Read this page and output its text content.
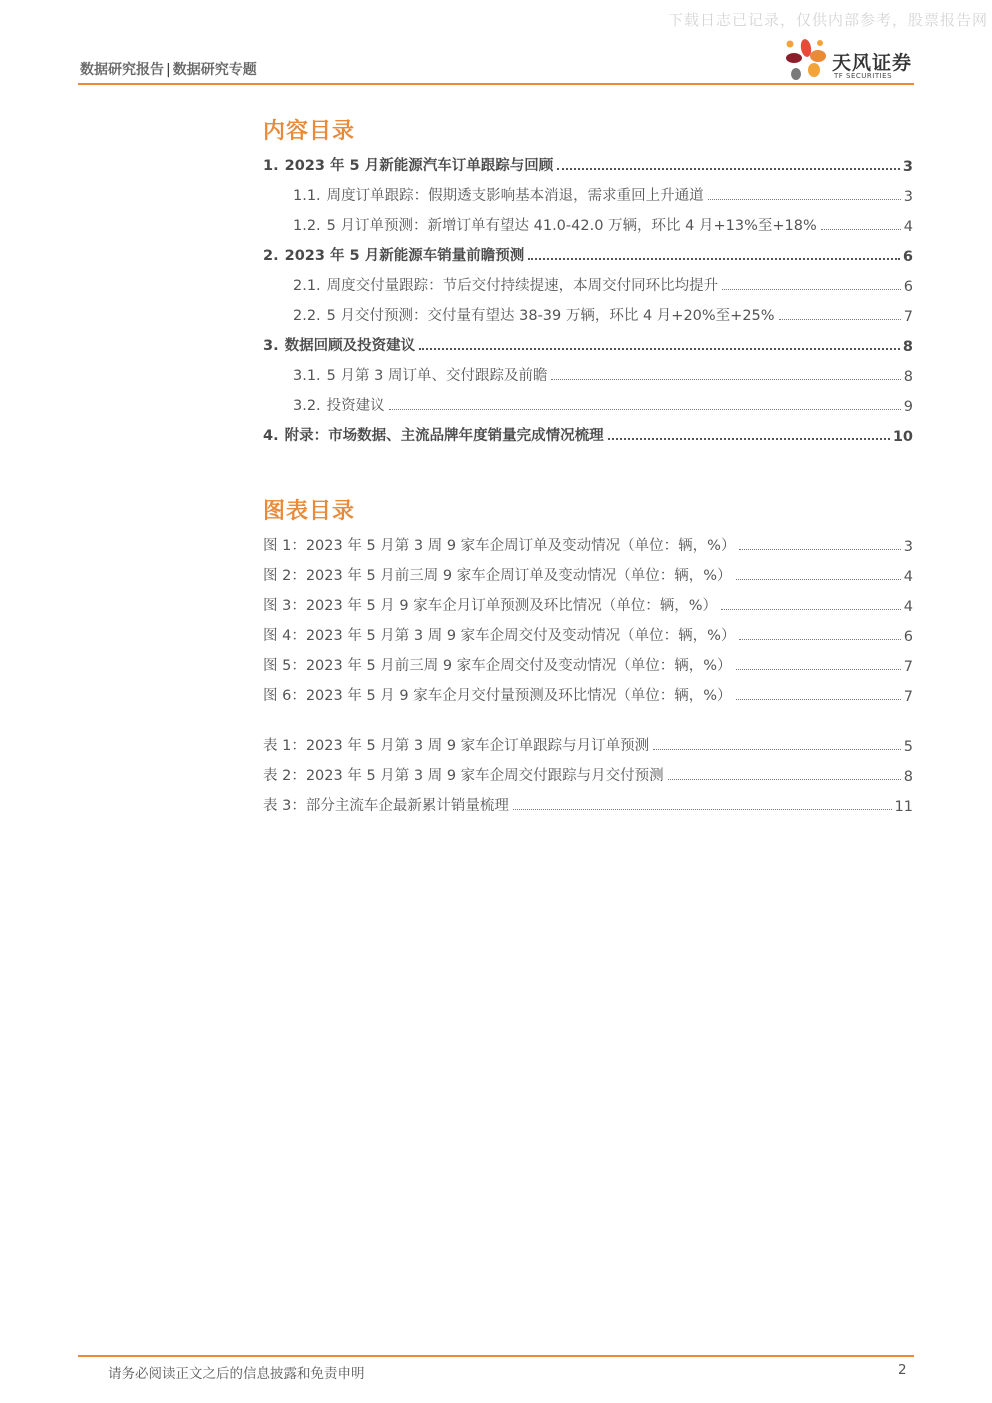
下载日志已记录，仅供内部参考，股票报告网
数据研究报告 | 数据研究专题	天风证券
TF SECURITIES
内容目录
1. 2023 年 5 月新能源汽车订单跟踪与回顾	3
1.1. 周度订单跟踪：假期透支影响基本消退，需求重回上升通道	3
1.2. 5 月订单预测：新增订单有望达 41.0-42.0 万辆，环比 4 月+13%至+18%	4
2. 2023 年 5 月新能源车销量前瞻预测	6
2.1. 周度交付量跟踪：节后交付持续提速，本周交付同环比均提升	6
2.2. 5 月交付预测：交付量有望达 38-39 万辆，环比 4 月+20%至+25%	7
3. 数据回顾及投资建议	8
3.1. 5 月第 3 周订单、交付跟踪及前瞻	8
3.2. 投资建议	9
4. 附录：市场数据、主流品牌年度销量完成情况梳理	10
图表目录
图 1：2023 年 5 月第 3 周 9 家车企周订单及变动情况（单位：辆，%）	3
图 2：2023 年 5 月前三周 9 家车企周订单及变动情况（单位：辆，%）	4
图 3：2023 年 5 月 9 家车企月订单预测及环比情况（单位：辆，%）	4
图 4：2023 年 5 月第 3 周 9 家车企周交付及变动情况（单位：辆，%）	6
图 5：2023 年 5 月前三周 9 家车企周交付及变动情况（单位：辆，%）	7
图 6：2023 年 5 月 9 家车企月交付量预测及环比情况（单位：辆，%）	7
表 1：2023 年 5 月第 3 周 9 家车企订单跟踪与月订单预测	5
表 2：2023 年 5 月第 3 周 9 家车企周交付跟踪与月交付预测	8
表 3：部分主流车企最新累计销量梳理	11
请务必阅读正文之后的信息披露和免责申明	2
